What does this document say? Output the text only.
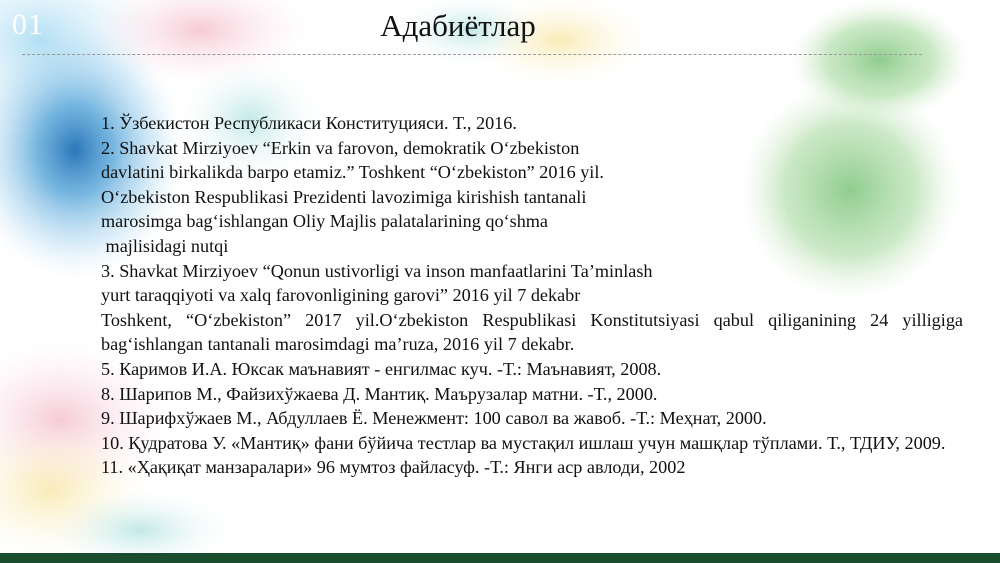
01	Адабиётлар

1. Ўзбекистон Республикаси Конституцияси. Т., 2016.

2. Shavkat Mirziyoev “Erkin va farovon, demokratik O‘zbekiston

davlatini birkalikda barpo etamiz.” Toshkent “O‘zbekiston” 2016 yil.

O‘zbekiston Respublikasi Prezidenti lavozimiga kirishish tantanali

marosimga bag‘ishlangan Oliy Majlis palatalarining qo‘shma

majlisidagi nutqi

3. Shavkat Mirziyoev “Qonun ustivorligi va inson manfaatlarini Ta’minlash

yurt taraqqiyoti va xalq farovonligining garovi” 2016 yil 7 dekabr

Toshkent, “O‘zbekiston” 2017 yil.O‘zbekiston Respublikasi Konstitutsiyasi qabul qiliganining 24 yilligiga bag‘ishlangan tantanali marosimdagi ma’ruza, 2016 yil 7 dekabr.

5. Каримов И.А. Юксак маънавият - енгилмас куч. -Т.: Маънавият, 2008.

8. Шарипов М., Файзихўжаева Д. Мантиқ. Маърузалар матни. -Т., 2000.

9. Шарифхўжаев М., Абдуллаев Ё. Менежмент: 100 савол ва жавоб. -Т.: Меҳнат, 2000.

10. Қудратова У. «Мантиқ» фани бўйича тестлар ва мустақил ишлаш учун машқлар тўплами. Т., ТДИУ, 2009.

11. «Ҳақиқат манзаралари» 96 мумтоз файласуф. -Т.: Янги аср авлоди, 2002
